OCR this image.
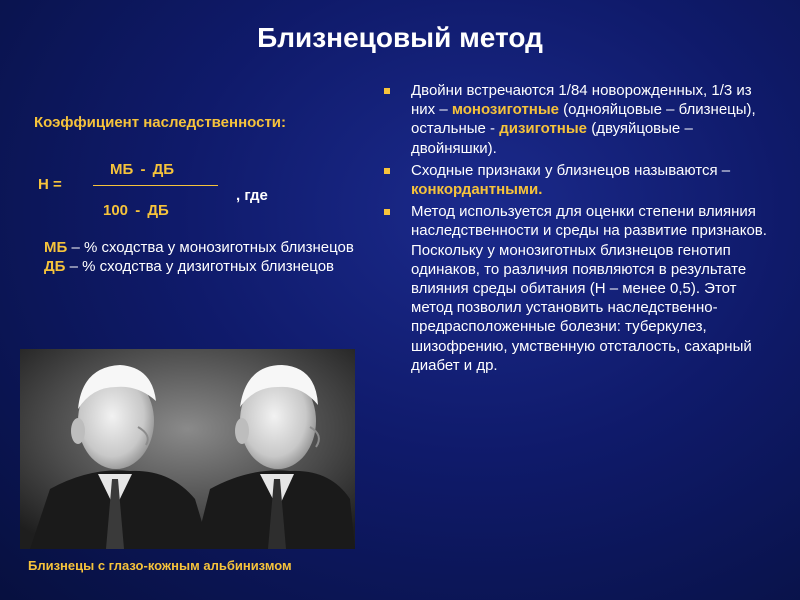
Близнецовый метод
Коэффициент наследственности:
Н =
МБ - ДБ
100 - ДБ
, где
МБ – % сходства у монозиготных близнецов
ДБ – % сходства у дизиготных близнецов
Близнецы с глазо-кожным альбинизмом
Двойни встречаются 1/84 новорожденных, 1/3 из них – монозиготные (однояйцовые – близнецы), остальные - дизиготные (двуяйцовые – двойняшки).
Сходные признаки у близнецов называются – конкордантными.
Метод используется для оценки степени влияния наследственности и среды на развитие признаков. Поскольку у монозиготных близнецов генотип одинаков, то различия появляются в результате влияния среды обитания (Н – менее 0,5). Этот метод позволил установить наследственно-предрасположенные болезни: туберкулез, шизофрению, умственную отсталость, сахарный диабет и др.
